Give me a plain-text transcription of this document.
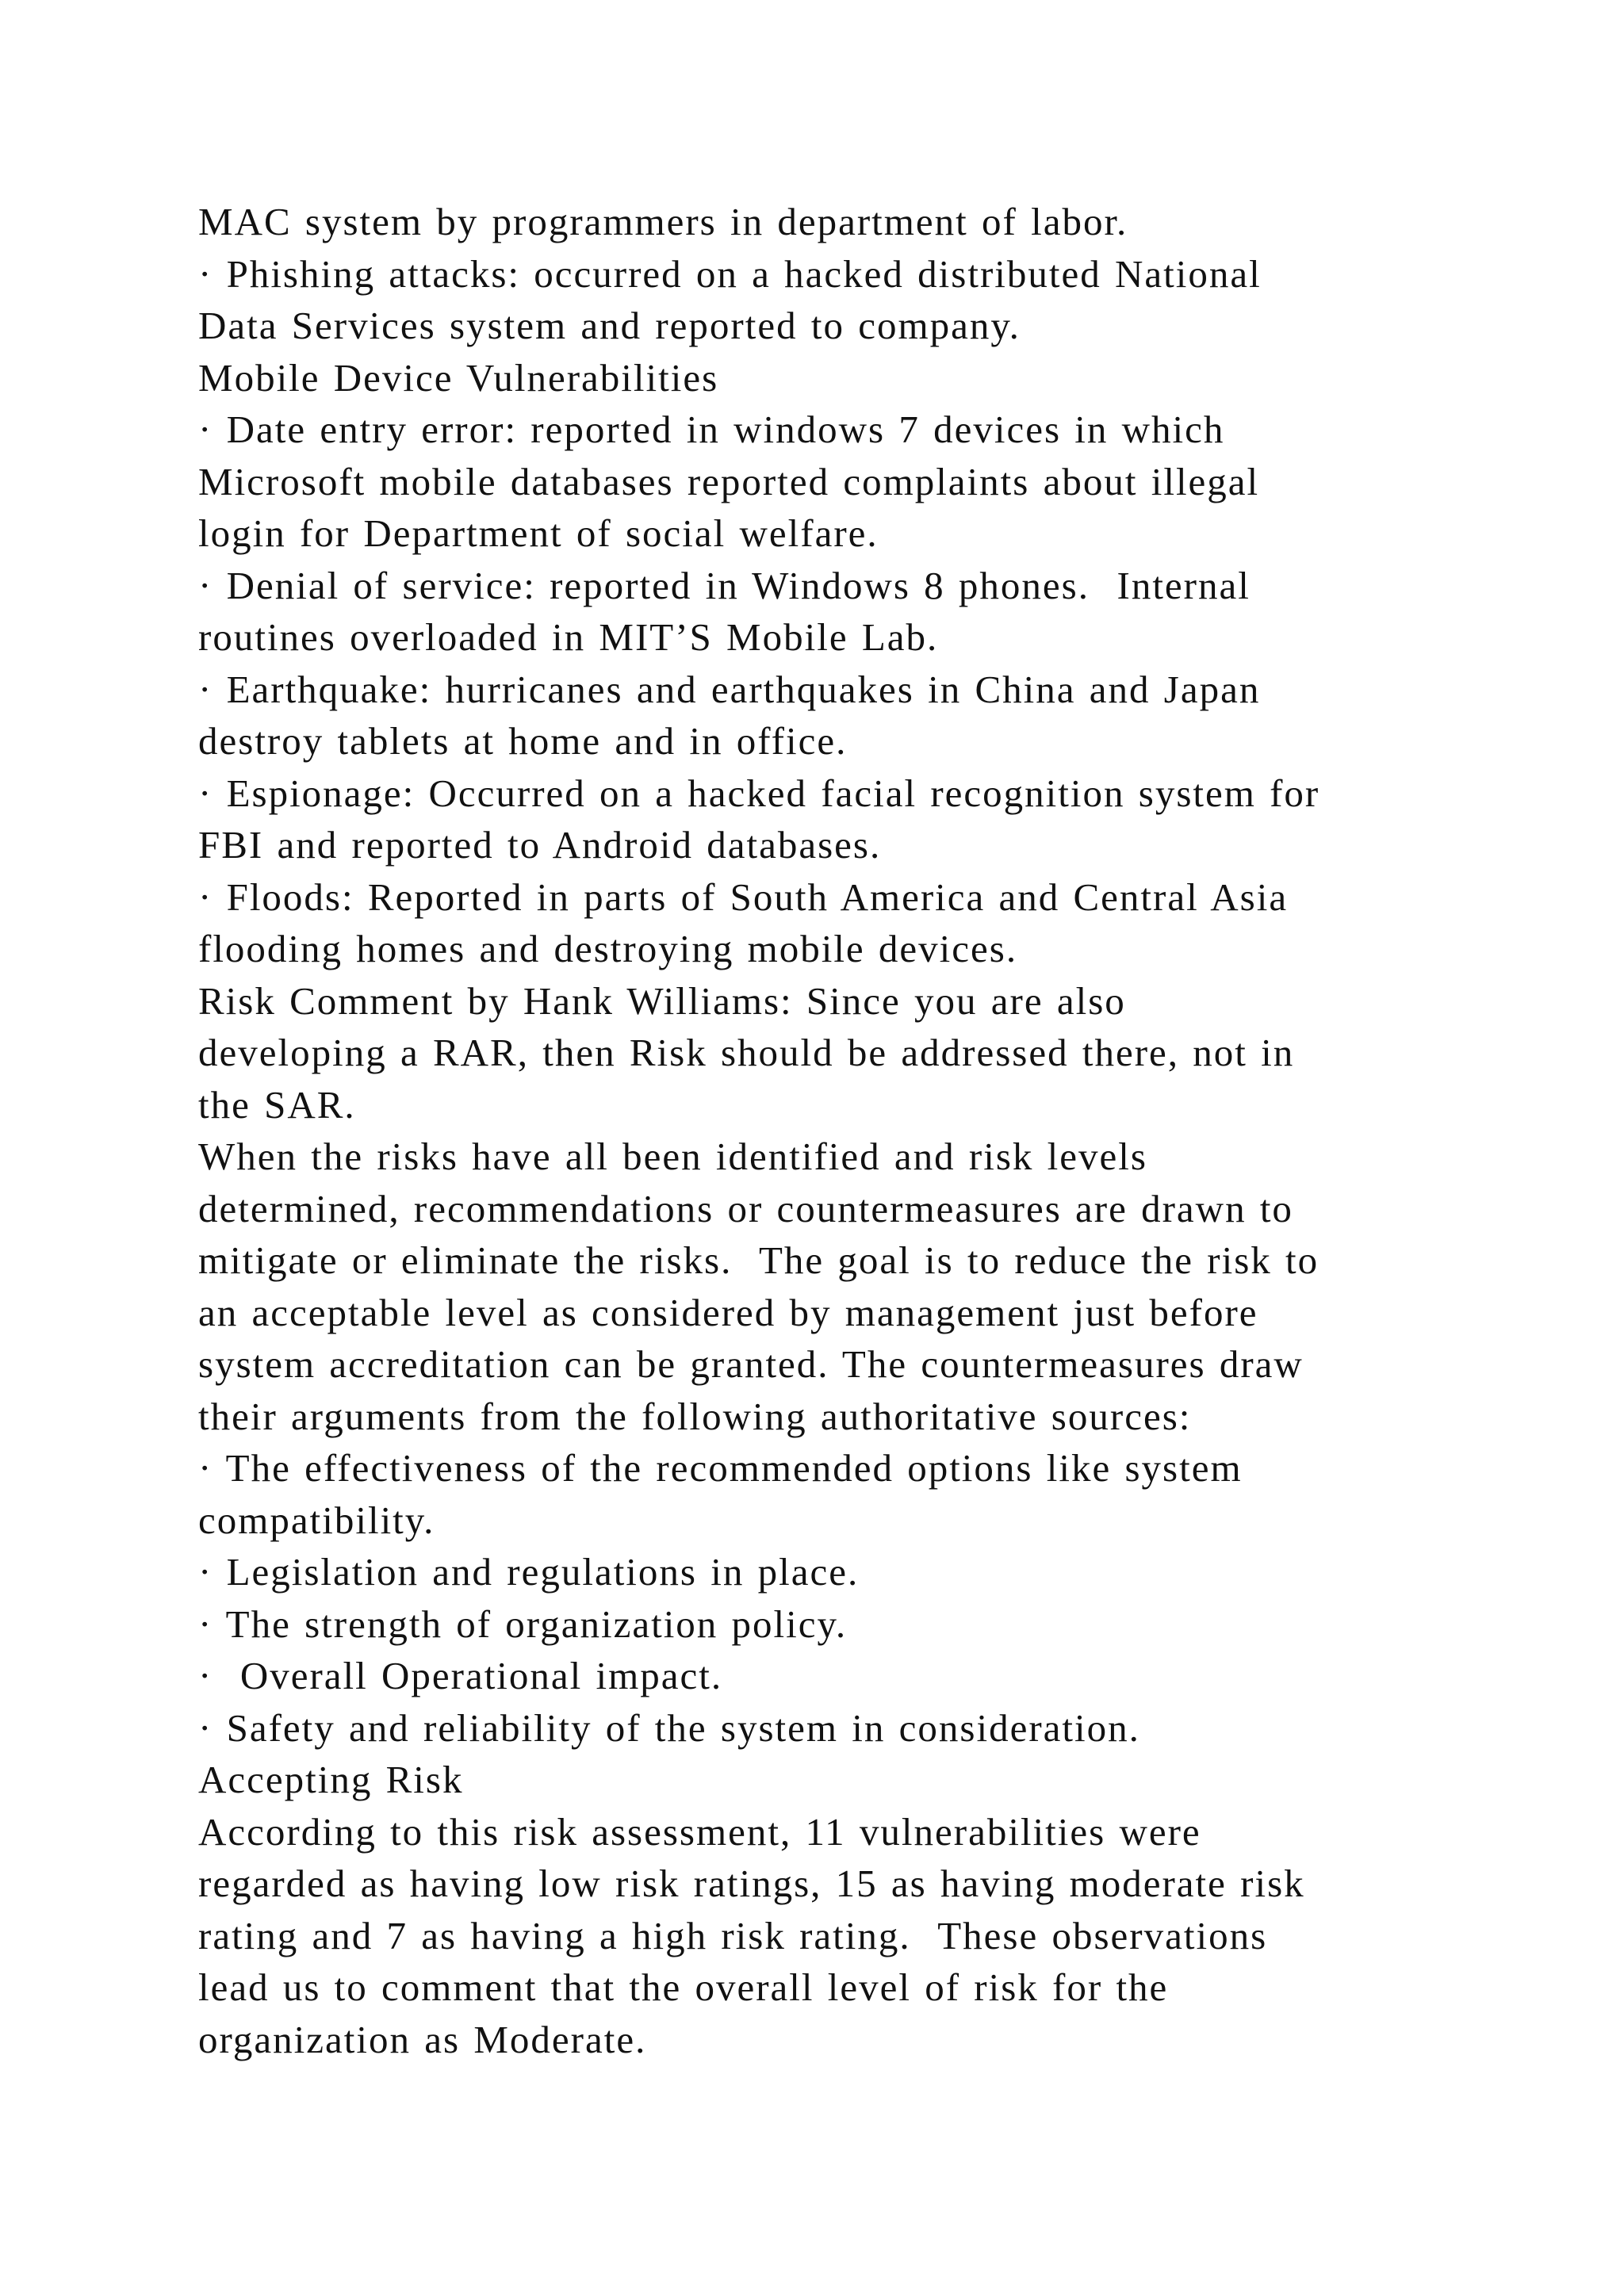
MAC system by programmers in department of labor.
· Phishing attacks: occurred on a hacked distributed National
Data Services system and reported to company.
Mobile Device Vulnerabilities
· Date entry error: reported in windows 7 devices in which
Microsoft mobile databases reported complaints about illegal
login for Department of social welfare.
· Denial of service: reported in Windows 8 phones.  Internal
routines overloaded in MIT’S Mobile Lab.
· Earthquake: hurricanes and earthquakes in China and Japan
destroy tablets at home and in office.
· Espionage: Occurred on a hacked facial recognition system for
FBI and reported to Android databases.
· Floods: Reported in parts of South America and Central Asia
flooding homes and destroying mobile devices.
Risk Comment by Hank Williams: Since you are also
developing a RAR, then Risk should be addressed there, not in
the SAR.
When the risks have all been identified and risk levels
determined, recommendations or countermeasures are drawn to
mitigate or eliminate the risks.  The goal is to reduce the risk to
an acceptable level as considered by management just before
system accreditation can be granted. The countermeasures draw
their arguments from the following authoritative sources:
· The effectiveness of the recommended options like system
compatibility.
· Legislation and regulations in place.
· The strength of organization policy.
·  Overall Operational impact.
· Safety and reliability of the system in consideration.
Accepting Risk
According to this risk assessment, 11 vulnerabilities were
regarded as having low risk ratings, 15 as having moderate risk
rating and 7 as having a high risk rating.  These observations
lead us to comment that the overall level of risk for the
organization as Moderate.
